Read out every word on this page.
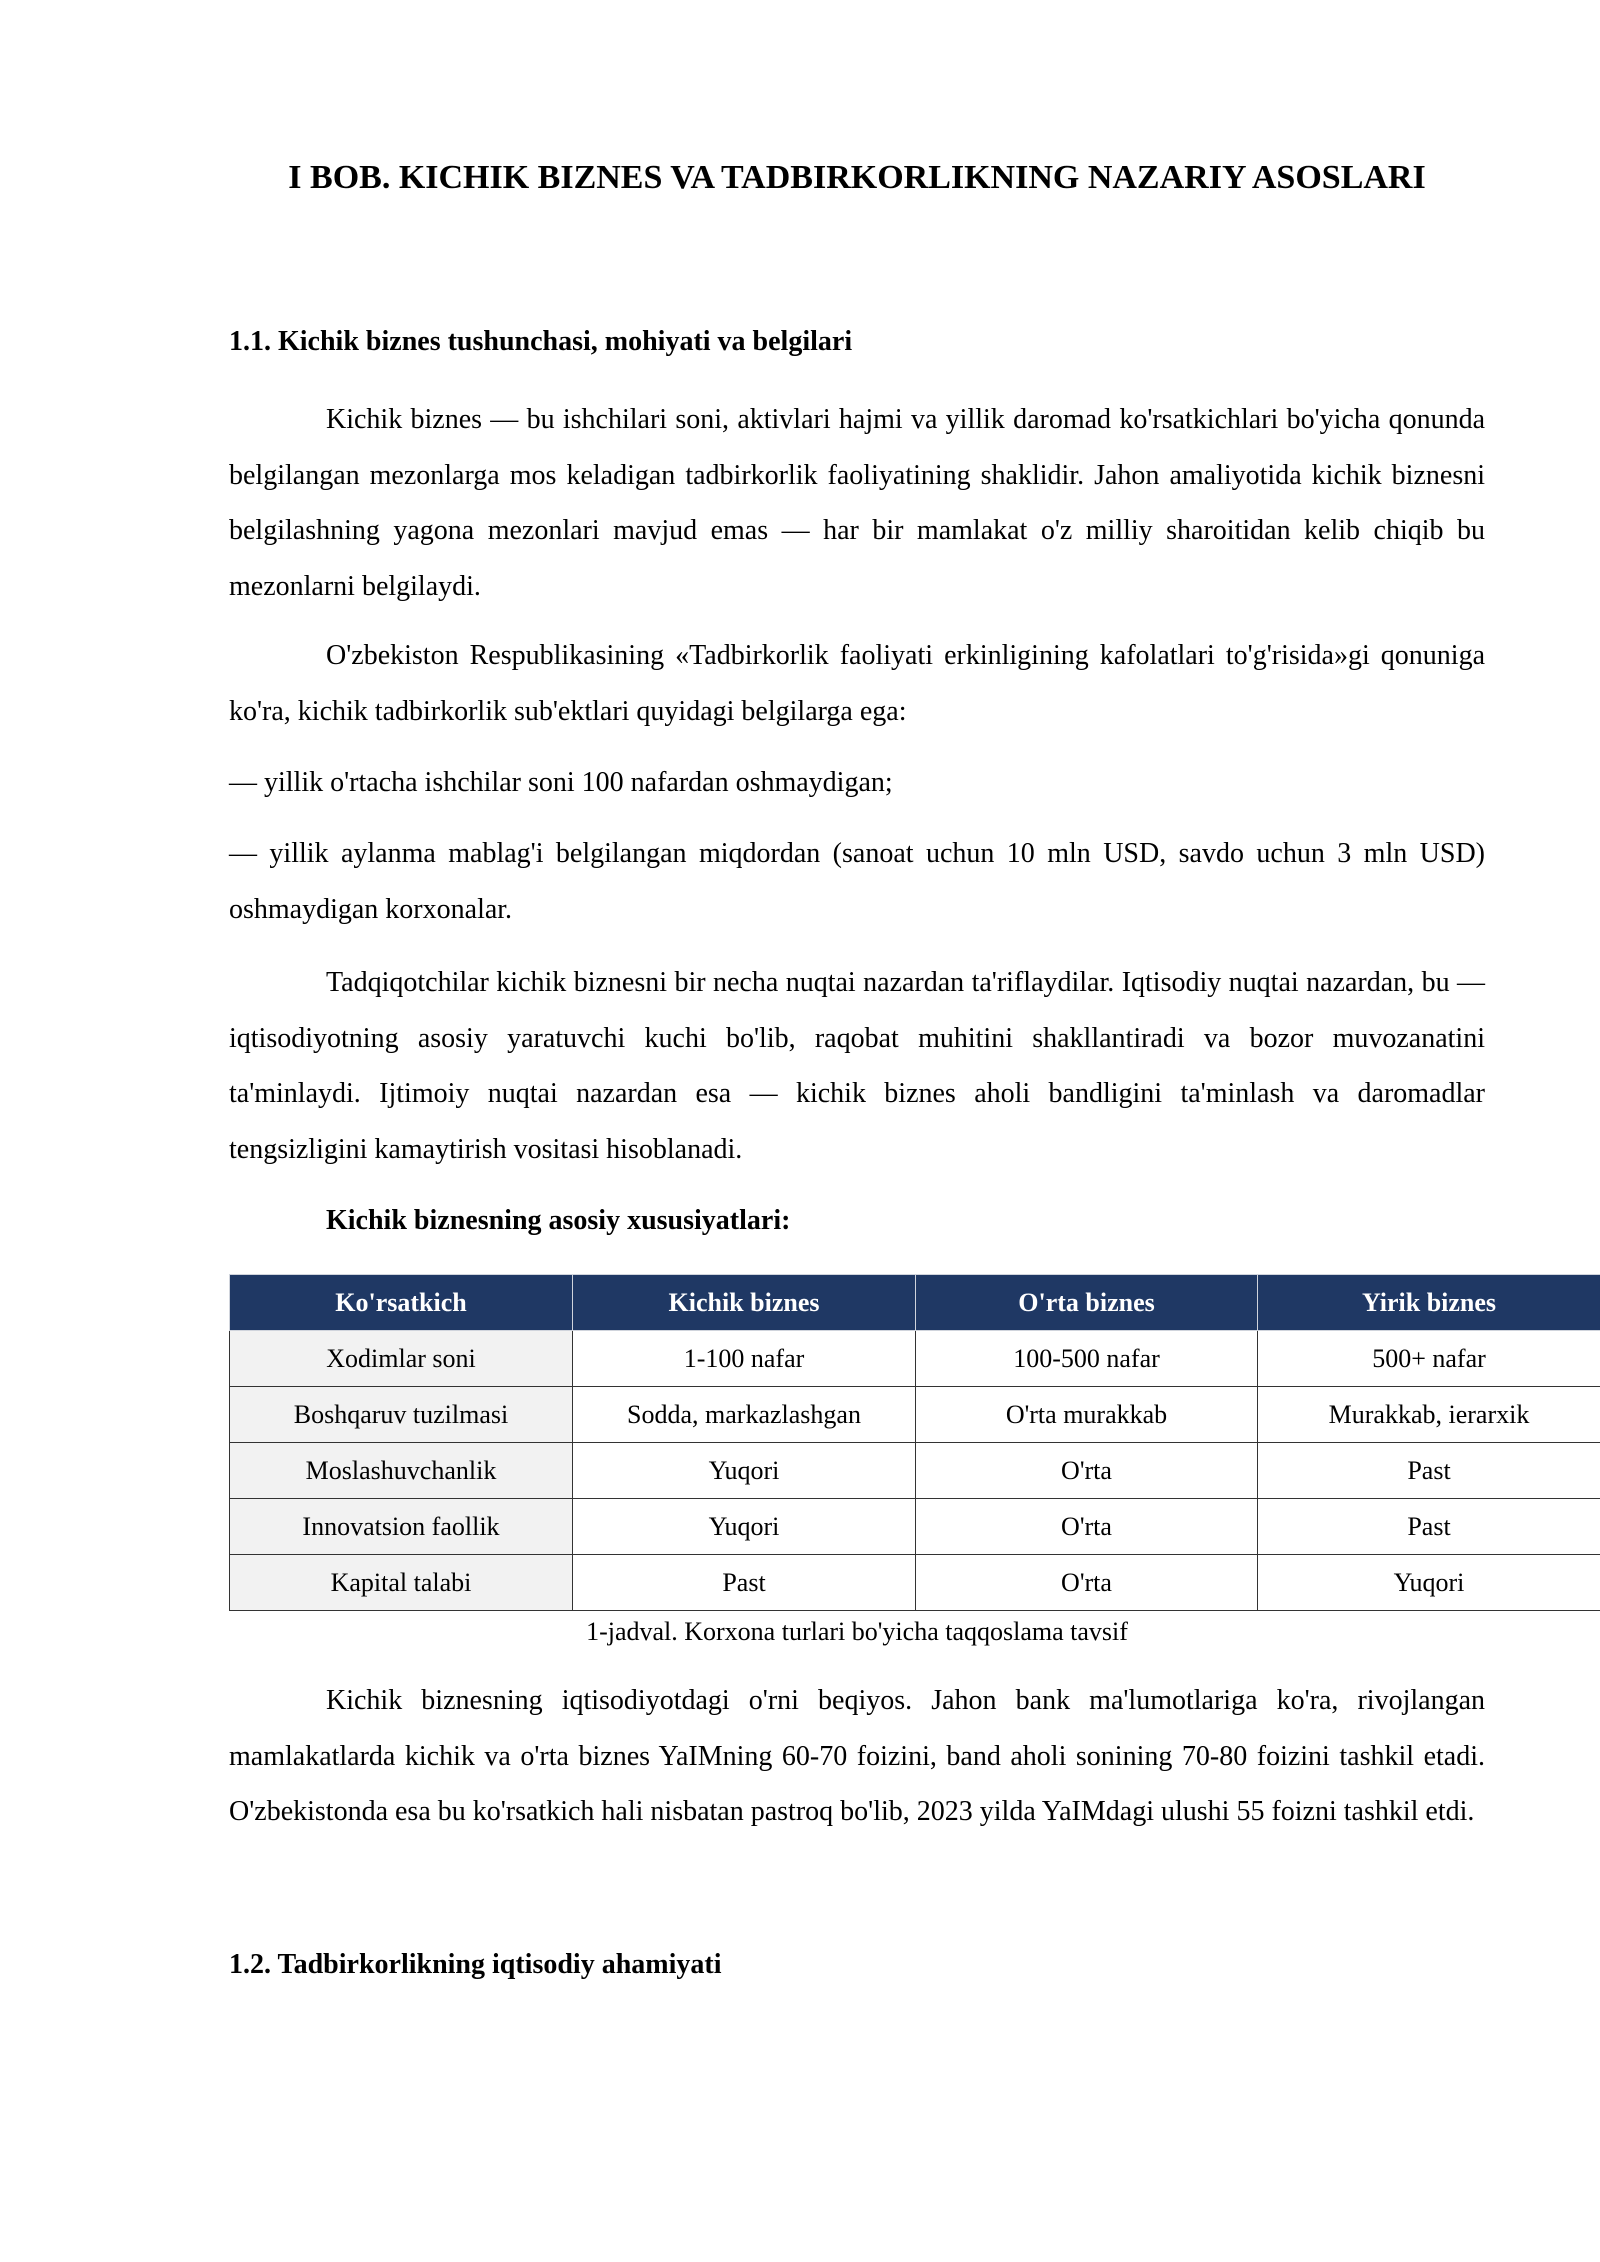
I BOB. KICHIK BIZNES VA TADBIRKORLIKNING NAZARIY ASOSLARI
1.1. Kichik biznes tushunchasi, mohiyati va belgilari

Kichik biznes — bu ishchilari soni, aktivlari hajmi va yillik daromad ko'rsatkichlari bo'yicha qonunda belgilangan mezonlarga mos keladigan tadbirkorlik faoliyatining shaklidir. Jahon amaliyotida kichik biznesni belgilashning yagona mezonlari mavjud emas — har bir mamlakat o'z milliy sharoitidan kelib chiqib bu mezonlarni belgilaydi.

O'zbekiston Respublikasining «Tadbirkorlik faoliyati erkinligining kafolatlari to'g'risida»gi qonuniga ko'ra, kichik tadbirkorlik sub'ektlari quyidagi belgilarga ega:

— yillik o'rtacha ishchilar soni 100 nafardan oshmaydigan;

— yillik aylanma mablag'i belgilangan miqdordan (sanoat uchun 10 mln USD, savdo uchun 3 mln USD) oshmaydigan korxonalar.

Tadqiqotchilar kichik biznesni bir necha nuqtai nazardan ta'riflaydilar. Iqtisodiy nuqtai nazardan, bu — iqtisodiyotning asosiy yaratuvchi kuchi bo'lib, raqobat muhitini shakllantiradi va bozor muvozanatini ta'minlaydi. Ijtimoiy nuqtai nazardan esa — kichik biznes aholi bandligini ta'minlash va daromadlar tengsizligini kamaytirish vositasi hisoblanadi.

Kichik biznesning asosiy xususiyatlari:
Ko'rsatkich	Kichik biznes	O'rta biznes	Yirik biznes
Xodimlar soni	1-100 nafar	100-500 nafar	500+ nafar
Boshqaruv tuzilmasi	Sodda, markazlashgan	O'rta murakkab	Murakkab, ierarxik
Moslashuvchanlik	Yuqori	O'rta	Past
Innovatsion faollik	Yuqori	O'rta	Past
Kapital talabi	Past	O'rta	Yuqori

1-jadval. Korxona turlari bo'yicha taqqoslama tavsif

Kichik biznesning iqtisodiyotdagi o'rni beqiyos. Jahon bank ma'lumotlariga ko'ra, rivojlangan mamlakatlarda kichik va o'rta biznes YaIMning 60-70 foizini, band aholi sonining 70-80 foizini tashkil etadi. O'zbekistonda esa bu ko'rsatkich hali nisbatan pastroq bo'lib, 2023 yilda YaIMdagi ulushi 55 foizni tashkil etdi.

1.2. Tadbirkorlikning iqtisodiy ahamiyati
